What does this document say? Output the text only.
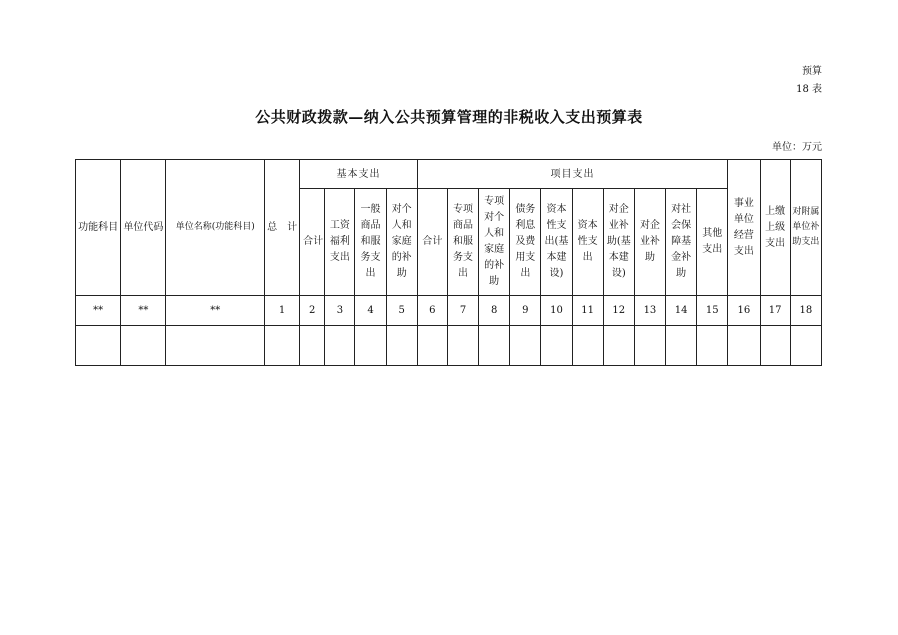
预算
18 表
公共财政拨款—纳入公共预算管理的非税收入支出预算表
单位：万元
功能科目	单位代码	单位名称(功能科目)	总 计	基本支出				项目支出										事业单位经营支出	上缴上级支出	对附属单位补助支出
				合计	工资福利支出	一般商品和服务支出	对个人和家庭的补助	合计	专项商品和服务支出	专项对个人和家庭的补助	债务利息及费用支出	资本性支出(基本建设)	资本性支出	对企业补助(基本建设)	对企业补助	对社会保障基金补助	其他支出			
**	**	**	1	2	3	4	5	6	7	8	9	10	11	12	13	14	15	16	17	18
